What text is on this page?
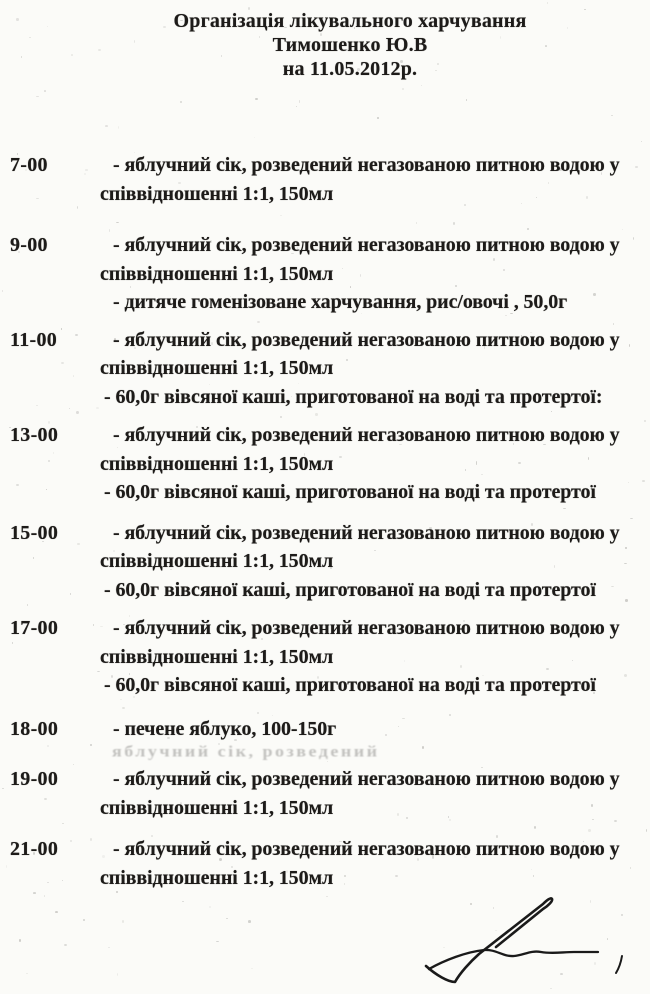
Організація лікувального харчування
Тимошенко Ю.В
на 11.05.2012р.
7-00	- яблучний сік, розведений негазованою питною водою у
співвідношенні 1:1, 150мл
9-00	- яблучний сік, розведений негазованою питною водою у
співвідношенні 1:1, 150мл
- дитяче гоменізоване харчування, рис/овочі , 50,0г
11-00	- яблучний сік, розведений негазованою питною водою у
співвідношенні 1:1, 150мл
- 60,0г вівсяної каші, приготованої на воді та протертої:
13-00	- яблучний сік, розведений негазованою питною водою у
співвідношенні 1:1, 150мл
- 60,0г вівсяної каші, приготованої на воді та протертої
15-00	- яблучний сік, розведений негазованою питною водою у
співвідношенні 1:1, 150мл
- 60,0г вівсяної каші, приготованої на воді та протертої
17-00	- яблучний сік, розведений негазованою питною водою у
співвідношенні 1:1, 150мл
- 60,0г вівсяної каші, приготованої на воді та протертої
18-00	- печене яблуко, 100-150г
19-00	- яблучний сік, розведений негазованою питною водою у
співвідношенні 1:1, 150мл
21-00	- яблучний сік, розведений негазованою питною водою у
співвідношенні 1:1, 150мл
яблучний сік, розведений
